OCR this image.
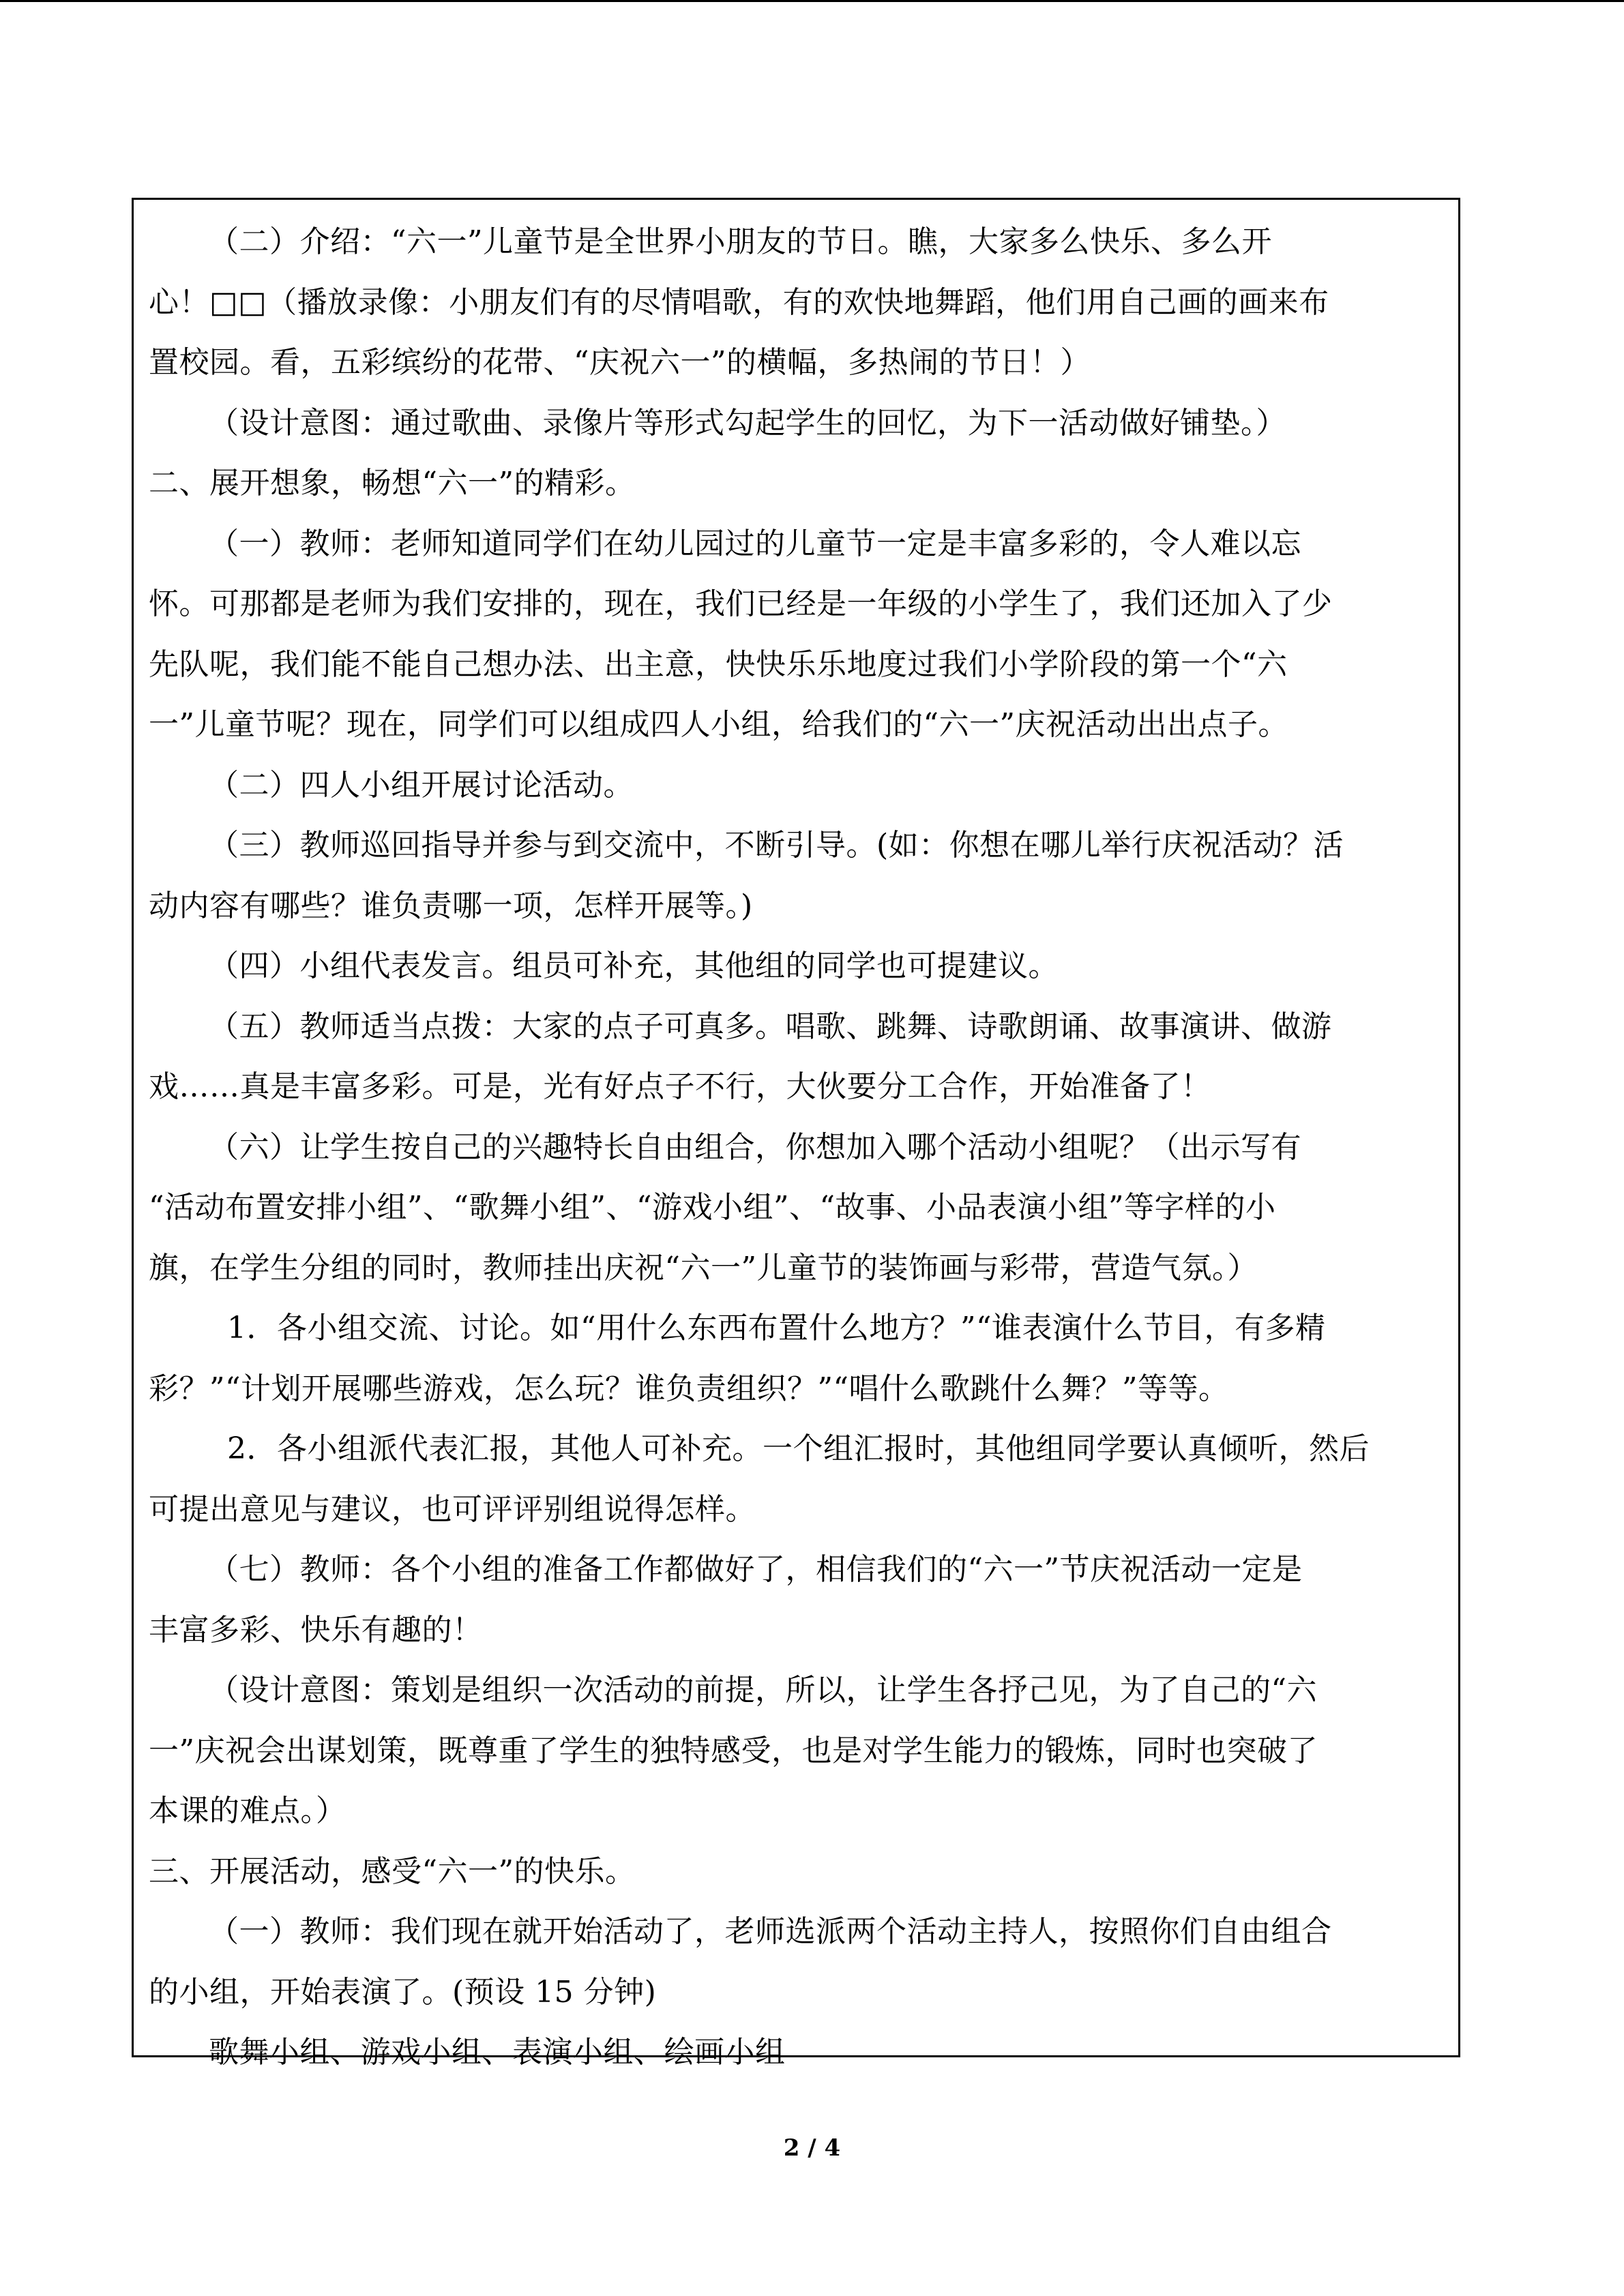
（二）介绍：“六一”儿童节是全世界小朋友的节日。瞧，大家多么快乐、多么开
心！□□（播放录像：小朋友们有的尽情唱歌，有的欢快地舞蹈，他们用自己画的画来布
置校园。看，五彩缤纷的花带、“庆祝六一”的横幅，多热闹的节日！）
（设计意图：通过歌曲、录像片等形式勾起学生的回忆，为下一活动做好铺垫。）
二、展开想象，畅想“六一”的精彩。
（一）教师：老师知道同学们在幼儿园过的儿童节一定是丰富多彩的，令人难以忘
怀。可那都是老师为我们安排的，现在，我们已经是一年级的小学生了，我们还加入了少
先队呢，我们能不能自己想办法、出主意，快快乐乐地度过我们小学阶段的第一个“六
一”儿童节呢？现在，同学们可以组成四人小组，给我们的“六一”庆祝活动出出点子。
（二）四人小组开展讨论活动。
（三）教师巡回指导并参与到交流中，不断引导。(如：你想在哪儿举行庆祝活动？活
动内容有哪些？谁负责哪一项，怎样开展等。)
（四）小组代表发言。组员可补充，其他组的同学也可提建议。
（五）教师适当点拨：大家的点子可真多。唱歌、跳舞、诗歌朗诵、故事演讲、做游
戏……真是丰富多彩。可是，光有好点子不行，大伙要分工合作，开始准备了！
（六）让学生按自己的兴趣特长自由组合，你想加入哪个活动小组呢？（出示写有
“活动布置安排小组”、“歌舞小组”、“游戏小组”、“故事、小品表演小组”等字样的小
旗，在学生分组的同时，教师挂出庆祝“六一”儿童节的装饰画与彩带，营造气氛。）
1．各小组交流、讨论。如“用什么东西布置什么地方？”“谁表演什么节目，有多精
彩？”“计划开展哪些游戏，怎么玩？谁负责组织？”“唱什么歌跳什么舞？”等等。
2．各小组派代表汇报，其他人可补充。一个组汇报时，其他组同学要认真倾听，然后
可提出意见与建议，也可评评别组说得怎样。
（七）教师：各个小组的准备工作都做好了，相信我们的“六一”节庆祝活动一定是
丰富多彩、快乐有趣的！
（设计意图：策划是组织一次活动的前提，所以，让学生各抒己见，为了自己的“六
一”庆祝会出谋划策，既尊重了学生的独特感受，也是对学生能力的锻炼，同时也突破了
本课的难点。）
三、开展活动，感受“六一”的快乐。
（一）教师：我们现在就开始活动了，老师选派两个活动主持人，按照你们自由组合
的小组，开始表演了。(预设 15 分钟)
歌舞小组、游戏小组、表演小组、绘画小组

2 / 4
